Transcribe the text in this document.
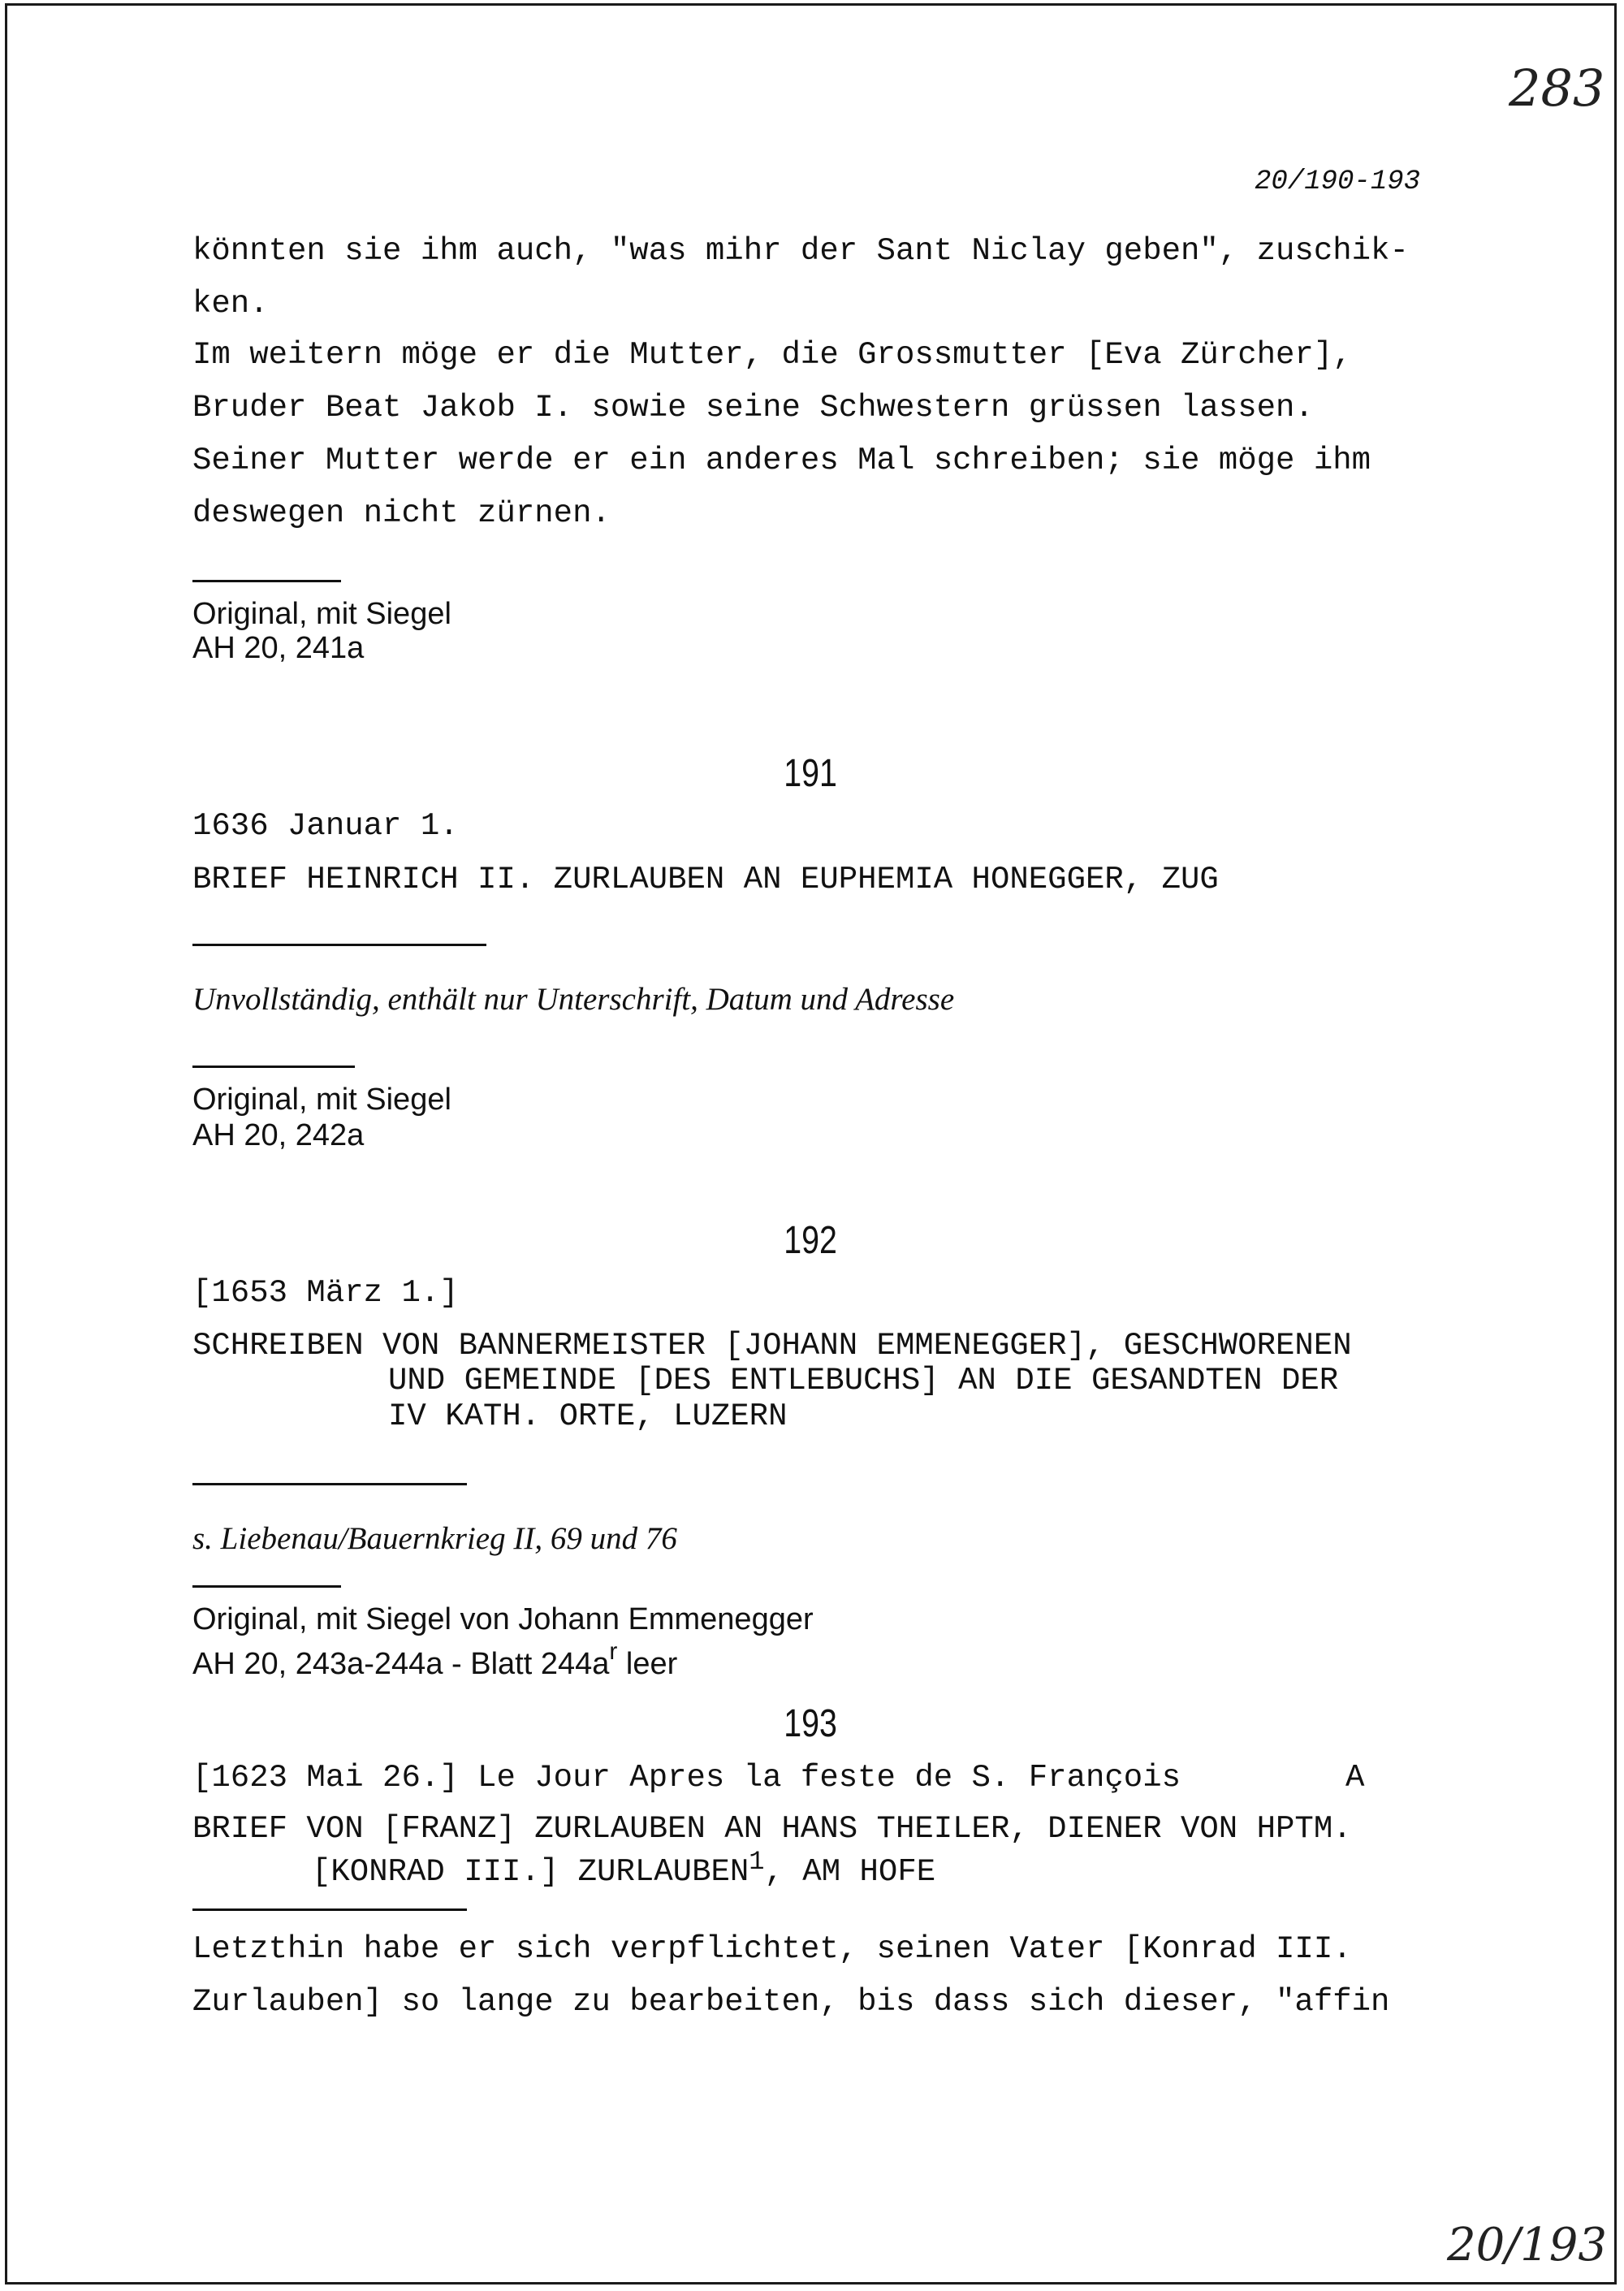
283
20/190-193
könnten sie ihm auch, "was mihr der Sant Niclay geben", zuschik-
ken.
Im weitern möge er die Mutter, die Grossmutter [Eva Zürcher],
Bruder Beat Jakob I. sowie seine Schwestern grüssen lassen.
Seiner Mutter werde er ein anderes Mal schreiben; sie möge ihm
deswegen nicht zürnen.
Original, mit Siegel
AH 20, 241a
191
1636 Januar 1.
BRIEF HEINRICH II. ZURLAUBEN AN EUPHEMIA HONEGGER, ZUG
Unvollständig, enthält nur Unterschrift, Datum und Adresse
Original, mit Siegel
AH 20, 242a
192
[1653 März 1.]
SCHREIBEN VON BANNERMEISTER [JOHANN EMMENEGGER], GESCHWORENEN
UND GEMEINDE [DES ENTLEBUCHS] AN DIE GESANDTEN DER
IV KATH. ORTE, LUZERN
s. Liebenau/Bauernkrieg II, 69 und 76
Original, mit Siegel von Johann Emmenegger
AH 20, 243a-244a - Blatt $244a^r$ leer
193
[1623 Mai 26.] Le Jour Apres la feste de S. François	A
BRIEF VON [FRANZ] ZURLAUBEN AN HANS THEILER, DIENER VON HPTM.
[KONRAD III.] ZURLAUBEN$^1$, AM HOFE
Letzthin habe er sich verpflichtet, seinen Vater [Konrad III.
Zurlauben] so lange zu bearbeiten, bis dass sich dieser, "affin
20/193
